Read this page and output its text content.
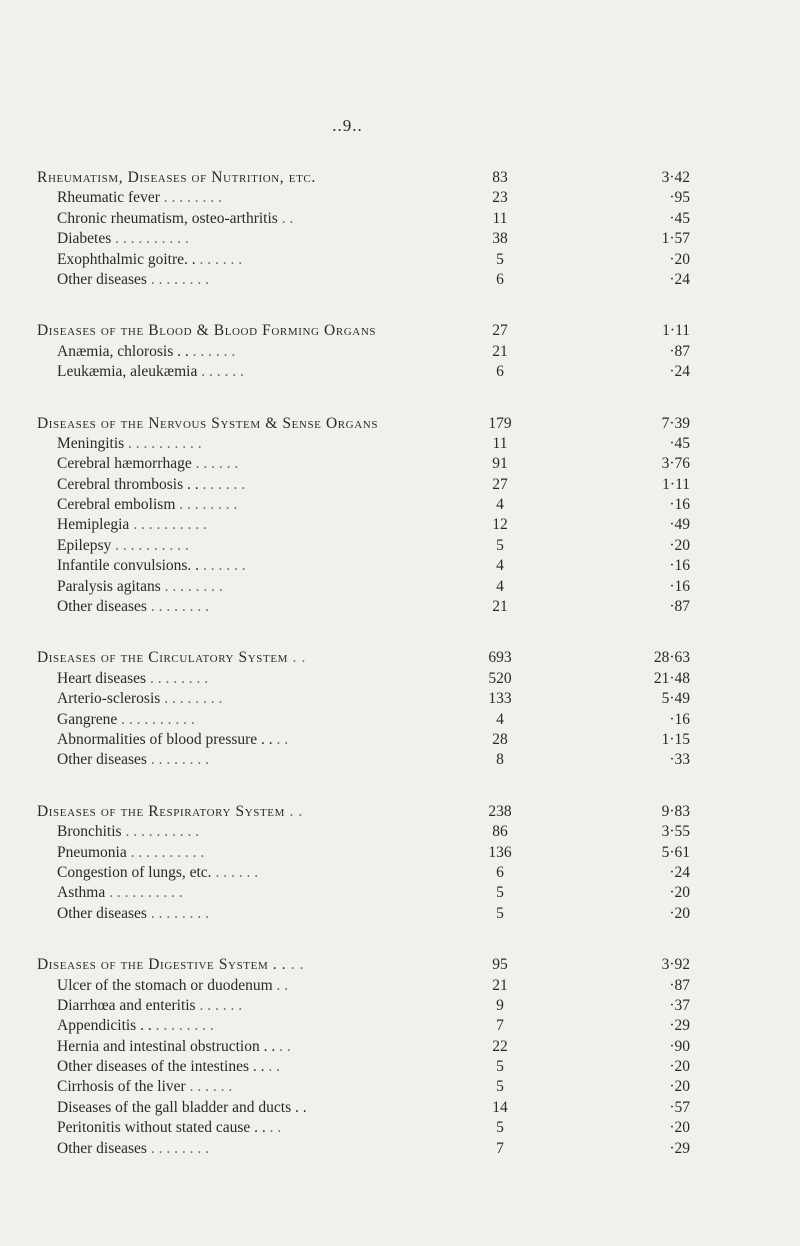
..9..
Rheumatism, Diseases of Nutrition, etc.	83	3·42
Rheumatic fever . . . . . . . .	23	·95
Chronic rheumatism, osteo-arthritis . .	11	·45
Diabetes . . . . . . . . . .	38	1·57
Exophthalmic goitre. . . . . . . .	5	·20
Other diseases . . . . . . . .	6	·24
Diseases of the Blood & Blood Forming Organs	27	1·11
Anæmia, chlorosis . . . . . . . .	21	·87
Leukæmia, aleukæmia . . . . . .	6	·24
Diseases of the Nervous System & Sense Organs	179	7·39
Meningitis . . . . . . . . . .	11	·45
Cerebral hæmorrhage . . . . . .	91	3·76
Cerebral thrombosis . . . . . . . .	27	1·11
Cerebral embolism . . . . . . . .	4	·16
Hemiplegia . . . . . . . . . .	12	·49
Epilepsy . . . . . . . . . .	5	·20
Infantile convulsions. . . . . . . .	4	·16
Paralysis agitans . . . . . . . .	4	·16
Other diseases . . . . . . . .	21	·87
Diseases of the Circulatory System . .	693	28·63
Heart diseases . . . . . . . .	520	21·48
Arterio-sclerosis . . . . . . . .	133	5·49
Gangrene . . . . . . . . . .	4	·16
Abnormalities of blood pressure . . . .	28	1·15
Other diseases . . . . . . . .	8	·33
Diseases of the Respiratory System . .	238	9·83
Bronchitis . . . . . . . . . .	86	3·55
Pneumonia . . . . . . . . . .	136	5·61
Congestion of lungs, etc. . . . . . .	6	·24
Asthma . . . . . . . . . .	5	·20
Other diseases . . . . . . . .	5	·20
Diseases of the Digestive System . . . .	95	3·92
Ulcer of the stomach or duodenum . .	21	·87
Diarrhœa and enteritis . . . . . .	9	·37
Appendicitis . . . . . . . . . .	7	·29
Hernia and intestinal obstruction . . . .	22	·90
Other diseases of the intestines . . . .	5	·20
Cirrhosis of the liver . . . . . .	5	·20
Diseases of the gall bladder and ducts . .	14	·57
Peritonitis without stated cause . . . .	5	·20
Other diseases . . . . . . . .	7	·29
